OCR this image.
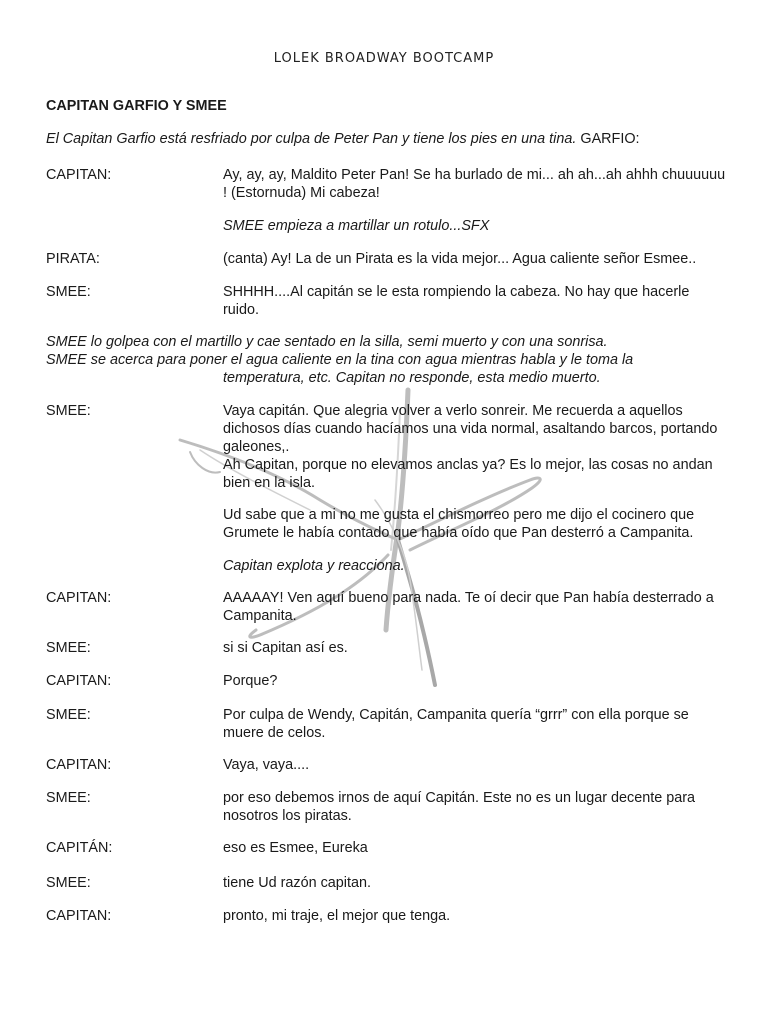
LOLEK BROADWAY BOOTCAMP
CAPITAN GARFIO Y SMEE
El Capitan Garfio está resfriado por culpa de Peter Pan y tiene los pies en una tina. GARFIO:
CAPITAN:	Ay, ay, ay, Maldito Peter Pan! Se ha burlado de mi... ah ah...ah ahhh chuuuuuu ! (Estornuda) Mi cabeza!
SMEE empieza a martillar un rotulo...SFX
PIRATA:	(canta) Ay! La de un Pirata es la vida mejor... Agua caliente señor Esmee..
SMEE:	SHHHH....Al capitán se le esta rompiendo la cabeza. No hay que hacerle ruido.
SMEE lo golpea con el martillo y cae sentado en la silla, semi muerto y con una sonrisa.
SMEE se acerca para poner el agua caliente en la tina con agua mientras habla y le toma la
temperatura, etc. Capitan no responde, esta medio muerto.
SMEE:	Vaya capitán. Que alegria volver a verlo sonreir. Me recuerda a aquellos dichosos días cuando hacíamos una vida normal, asaltando barcos, portando galeones,.
Ah Capitan, porque no elevamos anclas ya? Es lo mejor, las cosas no andan bien en la isla.
Ud sabe que a mi no me gusta el chismorreo pero me dijo el cocinero que Grumete le había contado que había oído que Pan desterró a Campanita.
Capitan explota y reacciona.
CAPITAN:	AAAAAY! Ven aquí bueno para nada. Te oí decir que Pan había desterrado a Campanita.
SMEE:	si si Capitan así es.
CAPITAN:	Porque?
SMEE:	Por culpa de Wendy, Capitán, Campanita quería “grrr” con ella porque se muere de celos.
CAPITAN:	Vaya, vaya....
SMEE:	por eso debemos irnos de aquí Capitán. Este no es un lugar decente para nosotros los piratas.
CAPITÁN:	eso es Esmee, Eureka
SMEE:	tiene Ud razón capitan.
CAPITAN:	pronto, mi traje, el mejor que tenga.
